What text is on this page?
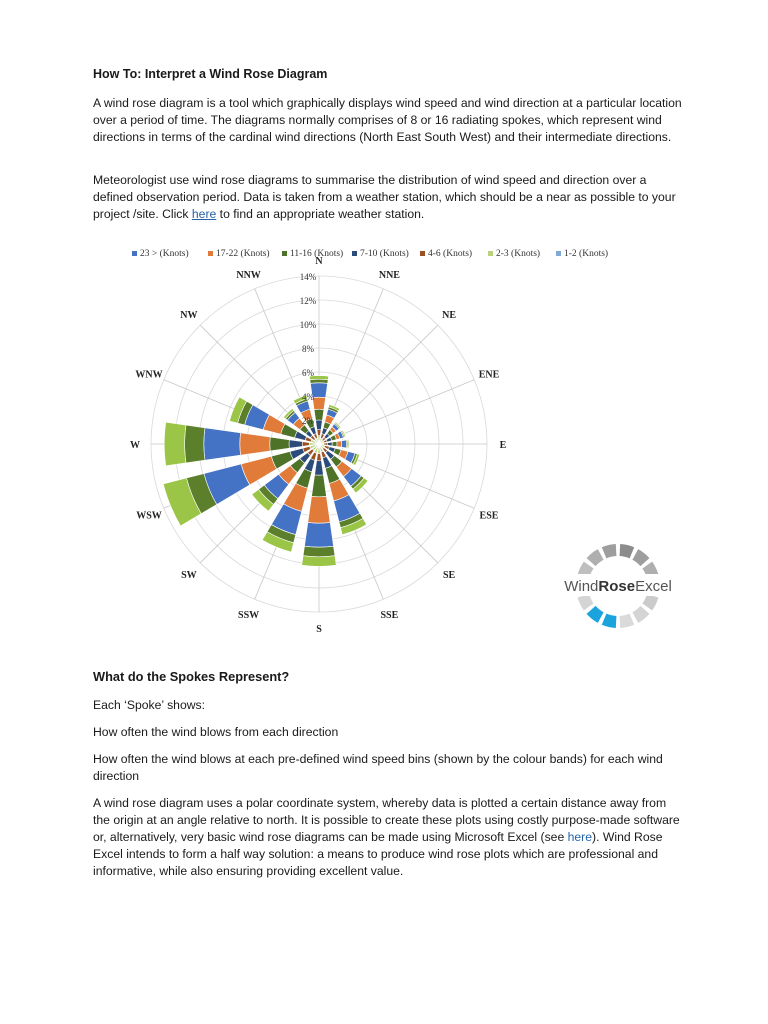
How To: Interpret a Wind Rose Diagram

A wind rose diagram is a tool which graphically displays wind speed and wind direction at a particular location over a period of time. The diagrams normally comprises of 8 or 16 radiating spokes, which represent wind directions in terms of the cardinal wind directions (North East South West) and their intermediate directions.

Meteorologist use wind rose diagrams to summarise the distribution of wind speed and direction over a defined observation period. Data is taken from a weather station, which should be a near as possible to your project /site. Click here to find an appropriate weather station.

23 > (Knots)	17-22 (Knots) 11-16 (Knots) 7-10 (Knots) 4-6 (Knots)	2-3 (Knots)	1-2 (Knots)
2%
4%
6%
8%
10%
12%
14%
N
NNE
NE
ENE
E
ESE
SE
SSE
S
SSW
SW
WSW
W
WNW
NW
NNW
WindRoseExcel
What do the Spokes Represent?

Each ‘Spoke’ shows:

How often the wind blows from each direction

How often the wind blows at each pre-defined wind speed bins (shown by the colour bands) for each wind direction

A wind rose diagram uses a polar coordinate system, whereby data is plotted a certain distance away from the origin at an angle relative to north. It is possible to create these plots using costly purpose-made software or, alternatively, very basic wind rose diagrams can be made using Microsoft Excel (see here). Wind Rose Excel intends to form a half way solution: a means to produce wind rose plots which are professional and informative, while also ensuring providing excellent value.
